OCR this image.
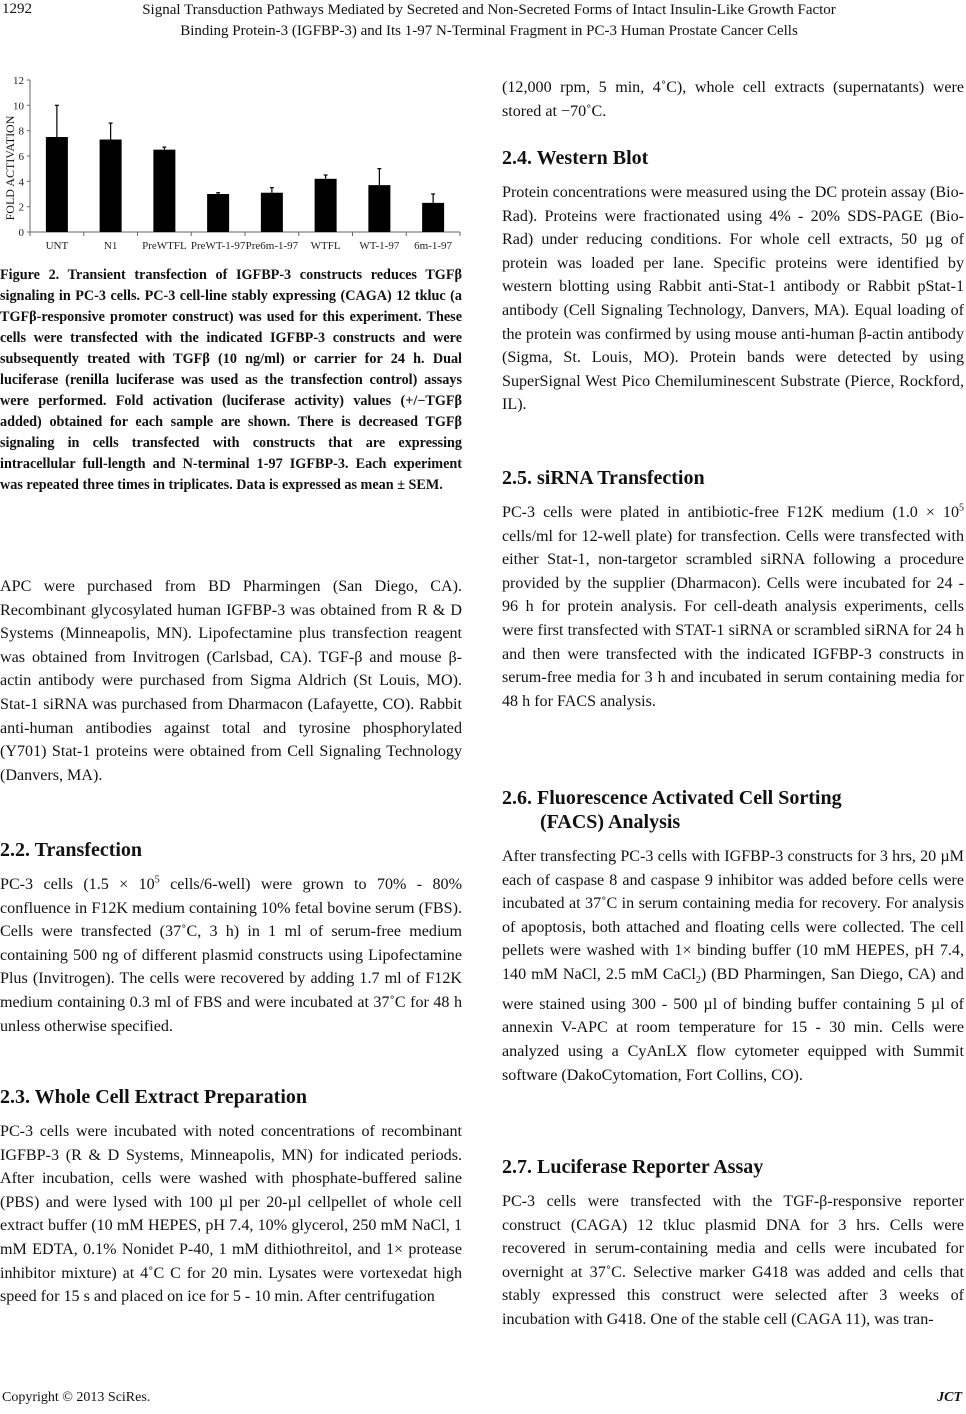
1292	Signal Transduction Pathways Mediated by Secreted and Non-Secreted Forms of Intact Insulin-Like Growth Factor
Binding Protein-3 (IGFBP-3) and Its 1-97 N-Terminal Fragment in PC-3 Human Prostate Cancer Cells
0
2
4
6
8
10
12
UNT	N1 PreWTFL PreWT-1-97 Pre6m-1-97 WTFL WT-1-97 6m-1-97
FOLD ACTIVATION
Figure 2. Transient transfection of IGFBP-3 constructs reduces TGFβ signaling in PC-3 cells. PC-3 cell-line stably expressing (CAGA) 12 tkluc (a TGFβ-responsive promoter construct) was used for this experiment. These cells were transfected with the indicated IGFBP-3 constructs and were subsequently treated with TGFβ (10 ng/ml) or carrier for 24 h. Dual luciferase (renilla luciferase was used as the transfection control) assays were performed. Fold activation (luciferase activity) values (+/−TGFβ added) obtained for each sample are shown. There is decreased TGFβ signaling in cells transfected with constructs that are expressing intracellular full-length and N-terminal 1-97 IGFBP-3. Each experiment was repeated three times in triplicates. Data is expressed as mean ± SEM.

APC were purchased from BD Pharmingen (San Diego, CA). Recombinant glycosylated human IGFBP-3 was obtained from R & D Systems (Minneapolis, MN). Lipofectamine plus transfection reagent was obtained from Invitrogen (Carlsbad, CA). TGF-β and mouse β-actin antibody were purchased from Sigma Aldrich (St Louis, MO). Stat-1 siRNA was purchased from Dharmacon (Lafayette, CO). Rabbit anti-human antibodies against total and tyrosine phosphorylated (Y701) Stat-1 proteins were obtained from Cell Signaling Technology (Danvers, MA).

2.2. Transfection

PC-3 cells ($1.5 \times 10^5$ cells/6-well) were grown to 70% - 80% confluence in F12K medium containing 10% fetal bovine serum (FBS). Cells were transfected (37˚C, 3 h) in 1 ml of serum-free medium containing 500 ng of different plasmid constructs using Lipofectamine Plus (Invitrogen). The cells were recovered by adding 1.7 ml of F12K medium containing 0.3 ml of FBS and were incubated at 37˚C for 48 h unless otherwise specified.

2.3. Whole Cell Extract Preparation

PC-3 cells were incubated with noted concentrations of recombinant IGFBP-3 (R & D Systems, Minneapolis, MN) for indicated periods. After incubation, cells were washed with phosphate-buffered saline (PBS) and were lysed with 100 µl per 20-µl cellpellet of whole cell extract buffer (10 mM HEPES, pH 7.4, 10% glycerol, 250 mM NaCl, 1 mM EDTA, 0.1% Nonidet P-40, 1 mM dithiothreitol, and 1× protease inhibitor mixture) at 4˚C C for 20 min. Lysates were vortexedat high speed for 15 s and placed on ice for 5 - 10 min. After centrifugation

(12,000 rpm, 5 min, 4˚C), whole cell extracts (supernatants) were stored at −70˚C.

2.4. Western Blot

Protein concentrations were measured using the DC protein assay (Bio-Rad). Proteins were fractionated using 4% - 20% SDS-PAGE (Bio-Rad) under reducing conditions. For whole cell extracts, 50 µg of protein was loaded per lane. Specific proteins were identified by western blotting using Rabbit anti-Stat-1 antibody or Rabbit pStat-1 antibody (Cell Signaling Technology, Danvers, MA). Equal loading of the protein was confirmed by using mouse anti-human β-actin antibody (Sigma, St. Louis, MO). Protein bands were detected by using SuperSignal West Pico Chemiluminescent Substrate (Pierce, Rockford, IL).

2.5. siRNA Transfection

PC-3 cells were plated in antibiotic-free F12K medium ($1.0 \times 10^5$ cells/ml for 12-well plate) for transfection. Cells were transfected with either Stat-1, non-targetor scrambled siRNA following a procedure provided by the supplier (Dharmacon). Cells were incubated for 24 - 96 h for protein analysis. For cell-death analysis experiments, cells were first transfected with STAT-1 siRNA or scrambled siRNA for 24 h and then were transfected with the indicated IGFBP-3 constructs in serum-free media for 3 h and incubated in serum containing media for 48 h for FACS analysis.

2.6. Fluorescence Activated Cell Sorting
(FACS) Analysis

After transfecting PC-3 cells with IGFBP-3 constructs for 3 hrs, 20 µM each of caspase 8 and caspase 9 inhibitor was added before cells were incubated at 37˚C in serum containing media for recovery. For analysis of apoptosis, both attached and floating cells were collected. The cell pellets were washed with 1× binding buffer (10 mM HEPES, pH 7.4, 140 mM NaCl, 2.5 mM CaCl$_2$) (BD Pharmingen, San Diego, CA) and were stained using 300 - 500 µl of binding buffer containing 5 µl of annexin V-APC at room temperature for 15 - 30 min. Cells were analyzed using a CyAnLX flow cytometer equipped with Summit software (DakoCytomation, Fort Collins, CO).

2.7. Luciferase Reporter Assay

PC-3 cells were transfected with the TGF-β-responsive reporter construct (CAGA) 12 tkluc plasmid DNA for 3 hrs. Cells were recovered in serum-containing media and cells were incubated for overnight at 37˚C. Selective marker G418 was added and cells that stably expressed this construct were selected after 3 weeks of incubation with G418. One of the stable cell (CAGA 11), was tran-

Copyright © 2013 SciRes.	JCT
